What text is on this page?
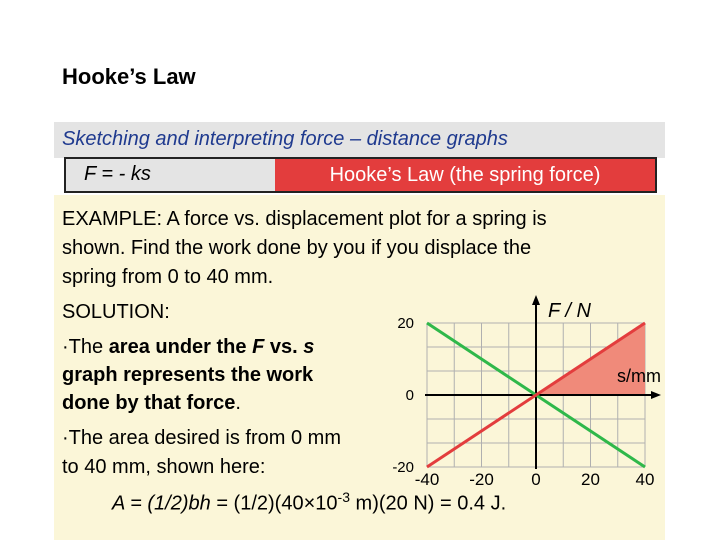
Hooke’s Law
Sketching and interpreting force – distance graphs
F = - ks	Hooke’s Law (the spring force)
F / N
s/mm
20
0
-20
-40 -20 0 20 40
EXAMPLE: A force vs. displacement plot for a spring is
shown. Find the work done by you if you displace the
spring from 0 to 40 mm.
SOLUTION:
·The area under the F vs. s
graph represents the work
done by that force.
·The area desired is from 0 mm
to 40 mm, shown here:
$A = (1/2)bh = (1/2)(40\times 10^{-3}$ m)(20 N) = 0.4 J.
